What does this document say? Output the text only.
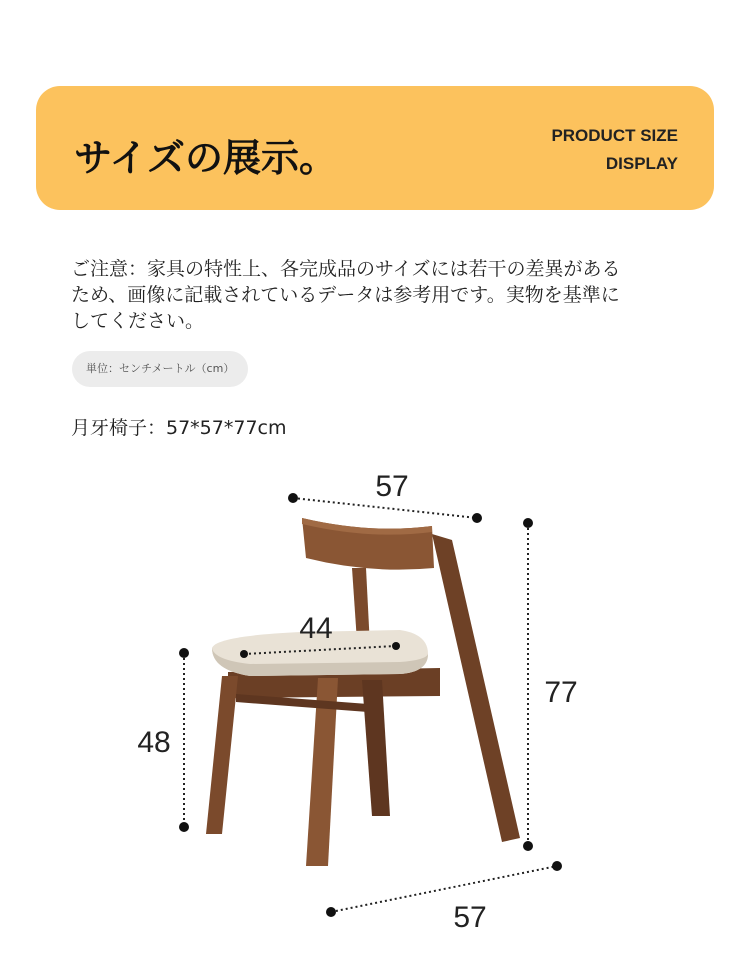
サイズの展示。
PRODUCT SIZE
DISPLAY
ご注意：家具の特性上、各完成品のサイズには若干の差異がある
ため、画像に記載されているデータは参考用です。実物を基準に
してください。
単位：センチメートル（cm）
月牙椅子：57*57*77cm
57
44
48
77
57
